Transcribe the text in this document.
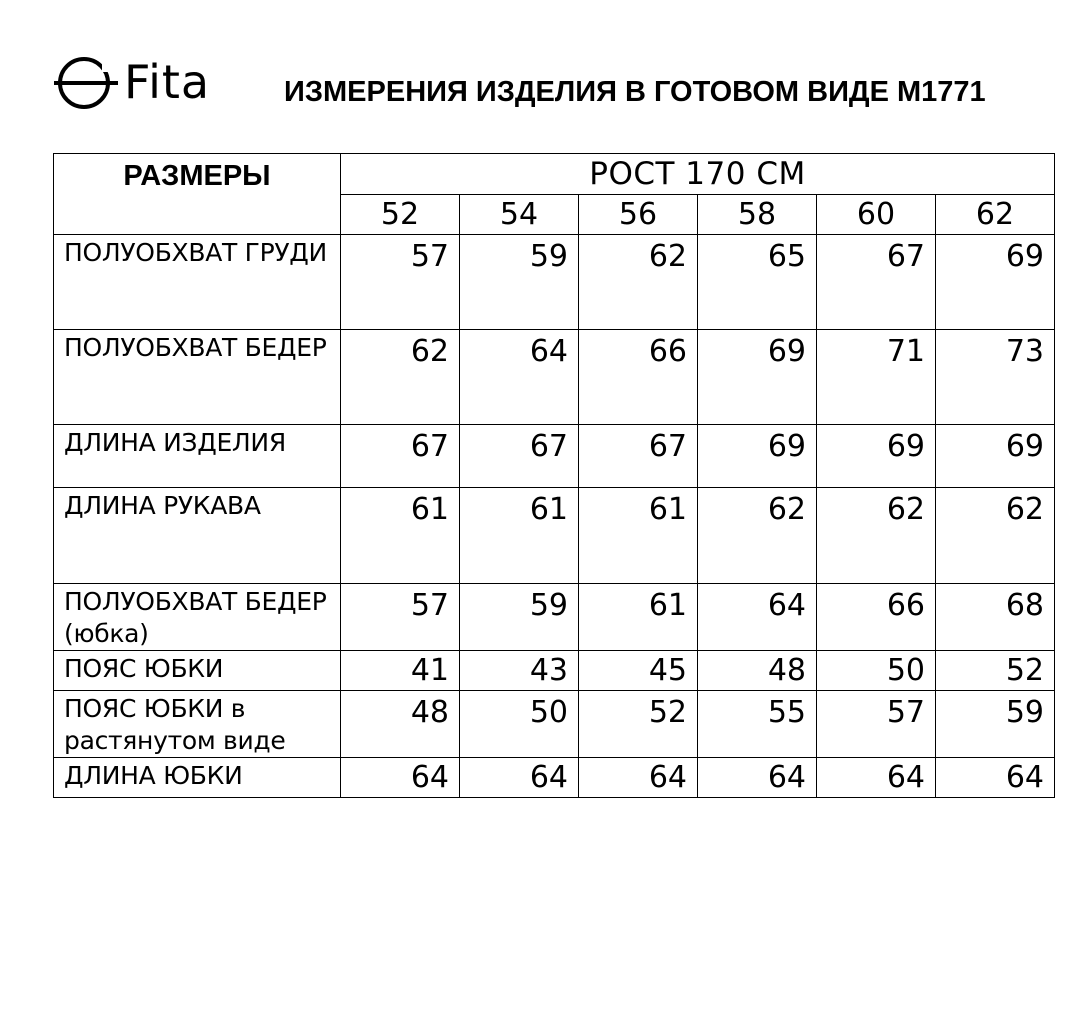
Fita	ИЗМЕРЕНИЯ ИЗДЕЛИЯ В ГОТОВОМ ВИДЕ М1771
РАЗМЕРЫ	РОСТ 170 СМ					
	52	54	56	58	60	62
ПОЛУОБХВАТ ГРУДИ	57	59	62	65	67	69
ПОЛУОБХВАТ БЕДЕР	62	64	66	69	71	73
ДЛИНА ИЗДЕЛИЯ	67	67	67	69	69	69
ДЛИНА РУКАВА	61	61	61	62	62	62
ПОЛУОБХВАТ БЕДЕР (юбка)	57	59	61	64	66	68
ПОЯС ЮБКИ	41	43	45	48	50	52
ПОЯС ЮБКИ в растянутом виде	48	50	52	55	57	59
ДЛИНА ЮБКИ	64	64	64	64	64	64
